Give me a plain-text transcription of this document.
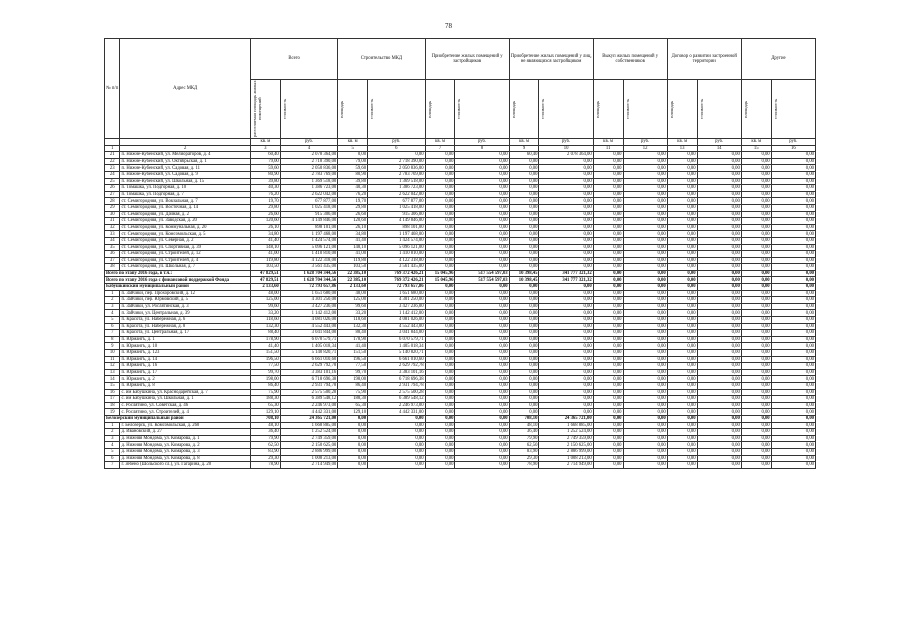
78
№ п/п	Адрес МКД	Всего		Строительство МКД		Приобретение жилых помещений у застройщиков		Приобретение жилых помещений у лиц, не являющихся застройщиком		Выкуп жилых помещений у собственников		Договор о развитии застроенной территории		Другие	

		расселяемая площадь жилых помещений	стоимость	площадь	стоимость	площадь	стоимость	площадь	стоимость	площадь	стоимость	площадь	стоимость	площадь	стоимость

		кв. м	руб.	кв. м	руб.	кв. м	руб.	кв. м	руб.	кв. м	руб.	кв. м	руб.	кв. м	руб.
1	2	3	4	5	6	7	8	9	10	11	12	13	14	15	16
21	п. Нижне-Кубенский, ул. Мелиораторов, д. 4	60,40	2 078 364,00	0,00	0,00	0,00	0,00	60,40	2 078 364,00	0,00	0,00	0,00	0,00	0,00	0,00
22	п. Нижне-Кубенский, ул. Октябрьская, д. 1	79,00	2 718 390,00	79,00	2 718 390,00	0,00	0,00	0,00	0,00	0,00	0,00	0,00	0,00	0,00	0,00
23	п. Нижне-Кубенский, ул. Садовая, д. 11	59,60	2 050 836,00	59,60	2 050 836,00	0,00	0,00	0,00	0,00	0,00	0,00	0,00	0,00	0,00	0,00
24	п. Нижне-Кубенский, ул. Садовая, д. 9	80,90	2 783 769,00	80,90	2 783 769,00	0,00	0,00	0,00	0,00	0,00	0,00	0,00	0,00	0,00	0,00
25	п. Нижне-Кубенский, ул. Школьная, д. 15	39,80	1 369 518,00	39,80	1 369 518,00	0,00	0,00	0,00	0,00	0,00	0,00	0,00	0,00	0,00	0,00
26	п. Томашка, ул. Подгорная, д. 10	40,30	1 386 723,00	40,30	1 386 723,00	0,00	0,00	0,00	0,00	0,00	0,00	0,00	0,00	0,00	0,00
27	п. Томашка, ул. Подгорная, д. 7	76,20	2 622 042,00	76,20	2 622 042,00	0,00	0,00	0,00	0,00	0,00	0,00	0,00	0,00	0,00	0,00
28	ст. Семигородняя, ул. Вокзальная, д. 7	19,70	677 877,00	19,70	677 877,00	0,00	0,00	0,00	0,00	0,00	0,00	0,00	0,00	0,00	0,00
29	ст. Семигородняя, ул. Восточная, д. 14	29,80	1 025 418,00	29,80	1 025 418,00	0,00	0,00	0,00	0,00	0,00	0,00	0,00	0,00	0,00	0,00
30	ст. Семигородняя, ул. Дачная, д. 2	26,60	915 306,00	26,60	915 306,00	0,00	0,00	0,00	0,00	0,00	0,00	0,00	0,00	0,00	0,00
31	ст. Семигородняя, ул. Заводская, д. 20	120,60	4 149 846,00	120,60	4 149 846,00	0,00	0,00	0,00	0,00	0,00	0,00	0,00	0,00	0,00	0,00
32	ст. Семигородняя, ул. Коммунальная, д. 20	26,10	898 101,00	26,10	898 101,00	0,00	0,00	0,00	0,00	0,00	0,00	0,00	0,00	0,00	0,00
33	ст. Семигородняя, ул. Комсомольская, д. 5	34,80	1 197 468,00	34,80	1 197 468,00	0,00	0,00	0,00	0,00	0,00	0,00	0,00	0,00	0,00	0,00
34	ст. Семигородняя, ул. Северная, д. 2	41,40	1 424 574,00	41,40	1 424 574,00	0,00	0,00	0,00	0,00	0,00	0,00	0,00	0,00	0,00	0,00
35	ст. Семигородняя, ул. Спортивная, д. 39	148,10	5 096 121,00	148,10	5 096 121,00	0,00	0,00	0,00	0,00	0,00	0,00	0,00	0,00	0,00	0,00
36	ст. Семигородняя, ул. Строителей, д. 12	41,00	1 410 810,00	41,00	1 410 810,00	0,00	0,00	0,00	0,00	0,00	0,00	0,00	0,00	0,00	0,00
37	ст. Семигородняя, ул. Строителей, д. 4	119,80	4 122 318,00	119,80	4 122 318,00	0,00	0,00	0,00	0,00	0,00	0,00	0,00	0,00	0,00	0,00
38	ст. Семигородняя, ул. Школьная, д. 7	103,50	3 561 435,00	103,50	3 561 435,00	0,00	0,00	0,00	0,00	0,00	0,00	0,00	0,00	0,00	0,00
Всего по этапу 2016 года, в т.ч.:		47 829,51	1 628 704 344,56	22 385,10	769 372 426,21	15 045,96	517 554 597,03	10 398,45	341 777 321,32	0,00	0,00	0,00	0,00	0,00	0,00
Всего по этапу 2016 года с финансовой поддержкой Фонда		47 829,51	1 628 704 344,56	22 385,10	769 372 426,21	15 045,96	517 554 597,03	10 398,45	341 777 321,32	0,00	0,00	0,00	0,00	0,00	0,00
Бабушкинский муниципальный район		2 133,60	72 793 657,86	2 133,60	72 793 657,86	0,00	0,00	0,00	0,00	0,00	0,00	0,00	0,00	0,00	0,00
1	п. Зайчики, пер. Прохоровский, д. 12	48,00	1 651 680,00	48,00	1 651 680,00	0,00	0,00	0,00	0,00	0,00	0,00	0,00	0,00	0,00	0,00
2	п. Зайчики, пер. Юрмовский, д. 5	125,00	4 301 250,00	125,00	4 301 250,00	0,00	0,00	0,00	0,00	0,00	0,00	0,00	0,00	0,00	0,00
3	п. Зайчики, ул. Рослятинская, д. 3	99,60	3 427 236,00	99,60	3 427 236,00	0,00	0,00	0,00	0,00	0,00	0,00	0,00	0,00	0,00	0,00
4	п. Зайчики, ул. Центральная, д. 39	33,20	1 142 412,00	33,20	1 142 412,00	0,00	0,00	0,00	0,00	0,00	0,00	0,00	0,00	0,00	0,00
5	п. Красота, ул. Набережная, д. 6	118,60	4 081 026,00	118,60	4 081 026,00	0,00	0,00	0,00	0,00	0,00	0,00	0,00	0,00	0,00	0,00
6	п. Красота, ул. Набережная, д. 8	132,30	4 552 443,00	132,30	4 552 443,00	0,00	0,00	0,00	0,00	0,00	0,00	0,00	0,00	0,00	0,00
7	п. Красота, ул. Центральная, д. 17	88,40	3 041 844,00	88,40	3 041 844,00	0,00	0,00	0,00	0,00	0,00	0,00	0,00	0,00	0,00	0,00
8	п. Юрмангъ, д. 1	178,90	6 070 579,71	178,90	6 070 579,71	0,00	0,00	0,00	0,00	0,00	0,00	0,00	0,00	0,00	0,00
9	п. Юрмангъ, д. 10	41,40	1 405 018,34	41,40	1 405 018,34	0,00	0,00	0,00	0,00	0,00	0,00	0,00	0,00	0,00	0,00
10	п. Юрмангъ, д. 123	151,50	5 140 820,71	151,50	5 140 820,71	0,00	0,00	0,00	0,00	0,00	0,00	0,00	0,00	0,00	0,00
11	п. Юрмангъ, д. 14	196,50	6 661 010,60	196,50	6 661 010,60	0,00	0,00	0,00	0,00	0,00	0,00	0,00	0,00	0,00	0,00
12	п. Юрмангъ, д. 16	77,50	2 629 792,78	77,50	2 629 792,78	0,00	0,00	0,00	0,00	0,00	0,00	0,00	0,00	0,00	0,00
13	п. Юрмангъ, д. 17	99,70	3 383 101,16	99,70	3 383 101,16	0,00	0,00	0,00	0,00	0,00	0,00	0,00	0,00	0,00	0,00
14	п. Юрмангъ, д. 2	198,00	6 718 696,38	198,00	6 718 696,38	0,00	0,00	0,00	0,00	0,00	0,00	0,00	0,00	0,00	0,00
15	п. Юрмангъ, д. 8	86,40	2 931 794,78	86,40	2 931 794,78	0,00	0,00	0,00	0,00	0,00	0,00	0,00	0,00	0,00	0,00
16	с. им Бабушкина, ул. Краснодарейская, д. 7	75,90	2 575 500,28	75,90	2 575 500,28	0,00	0,00	0,00	0,00	0,00	0,00	0,00	0,00	0,00	0,00
17	с. им Бабушкина, ул. Школьная, д. 1	188,30	6 389 548,12	188,30	6 389 548,12	0,00	0,00	0,00	0,00	0,00	0,00	0,00	0,00	0,00	0,00
18	с. Рослятино, ул. Советская, д. 46	65,30	2 246 973,00	65,30	2 246 973,00	0,00	0,00	0,00	0,00	0,00	0,00	0,00	0,00	0,00	0,00
19	с. Рослятино, ул. Строителей, д. 4	129,10	4 442 331,00	129,10	4 442 331,00	0,00	0,00	0,00	0,00	0,00	0,00	0,00	0,00	0,00	0,00
Белозерский муниципальный район		708,10	24 365 721,00	0,00	0,00	0,00	0,00	708,10	24 365 721,00	0,00	0,00	0,00	0,00	0,00	0,00
1	г. Белозерск, ул. Комсомольская, д. 260	48,10	1 668 885,00	0,00	0,00	0,00	0,00	48,10	1 668 885,00	0,00	0,00	0,00	0,00	0,00	0,00
2	д. Ивановский, д. 27	36,40	1 252 524,00	0,00	0,00	0,00	0,00	36,40	1 252 524,00	0,00	0,00	0,00	0,00	0,00	0,00
3	д. Нижняя Мондома, ул. Комарова, д. 1	79,90	2 749 359,00	0,00	0,00	0,00	0,00	79,90	2 749 359,00	0,00	0,00	0,00	0,00	0,00	0,00
4	д. Нижняя Мондома, ул. Комарова, д. 2	62,50	2 150 625,00	0,00	0,00	0,00	0,00	62,50	2 150 625,00	0,00	0,00	0,00	0,00	0,00	0,00
5	д. Нижняя Мондома, ул. Комарова, д. 3	83,90	2 886 999,00	0,00	0,00	0,00	0,00	83,90	2 886 999,00	0,00	0,00	0,00	0,00	0,00	0,00
6	д. Нижняя Мондома, ул. Комарова, д. 8	29,30	1 008 213,00	0,00	0,00	0,00	0,00	29,30	1 008 213,00	0,00	0,00	0,00	0,00	0,00	0,00
7	г. Зебено (Шольского сл.), ул. Гагарина, д. 20	78,90	2 714 949,00	0,00	0,00	0,00	0,00	78,90	2 714 949,00	0,00	0,00	0,00	0,00	0,00	0,00
